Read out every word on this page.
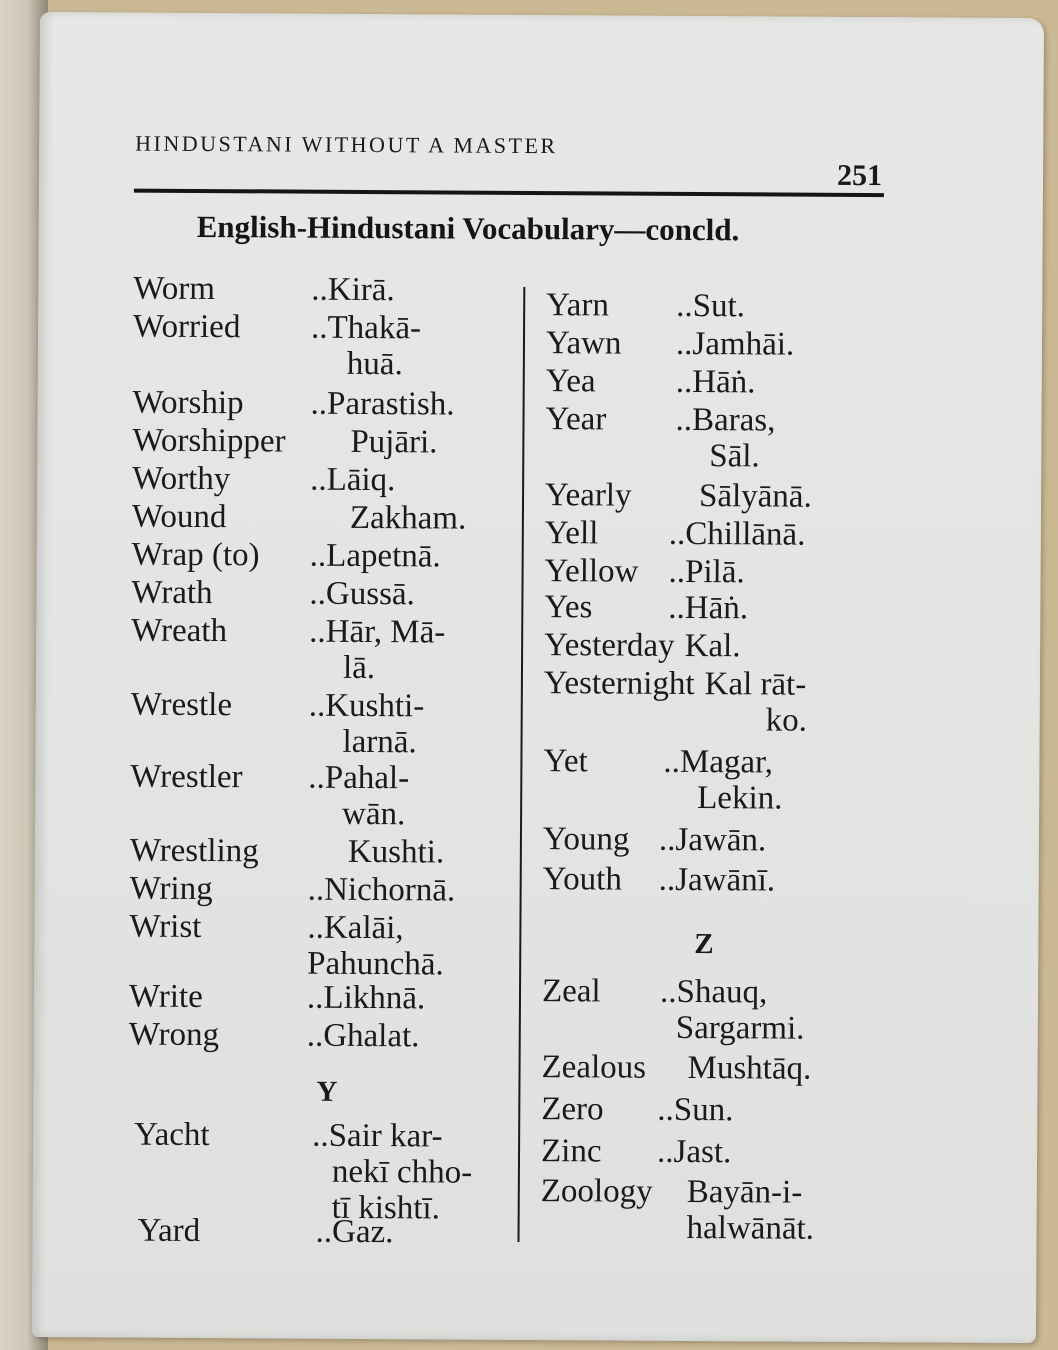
HINDUSTANI WITHOUT A MASTER
251
English-Hindustani Vocabulary—concld.
Worm	..Kirā.
Worried ..Thakā-
huā.
Worship ..Parastish.
Worshipper Pujāri.
Worthy ..Lāiq.
Wound	Zakham.
Wrap (to) ..Lapetnā.
Wrath	..Gussā.
Wreath ..Hār, Mā-
lā.
Wrestle ..Kushti-
larnā.
Wrestler ..Pahal-
wān.
Wrestling	Kushti.
Wring	..Nichornā.
Wrist	..Kalāi,
Pahunchā.
Write	..Likhnā.
Wrong	..Ghalat.
Yacht	..Sair kar-
nekī chho-
tī kishtī.
Yard	..Gaz.
Yarn ..Sut.
Yawn ..Jamhāi.
Yea ..Hāṅ.
Year ..Baras,
Sāl.
Yearly Sālyānā.
Yell ..Chillānā.
Yellow ..Pilā.
Yes ..Hāṅ.
Yesterday Kal.
Yesternight Kal rāt-
ko.
Yet ..Magar,
Lekin.
Young ..Jawān.
Youth ..Jawānī.
Zeal ..Shauq,
Sargarmi.
Zealous Mushtāq.
Zero ..Sun.
Zinc ..Jast.
Zoology Bayān-i-
halwānāt.
Y
Z
